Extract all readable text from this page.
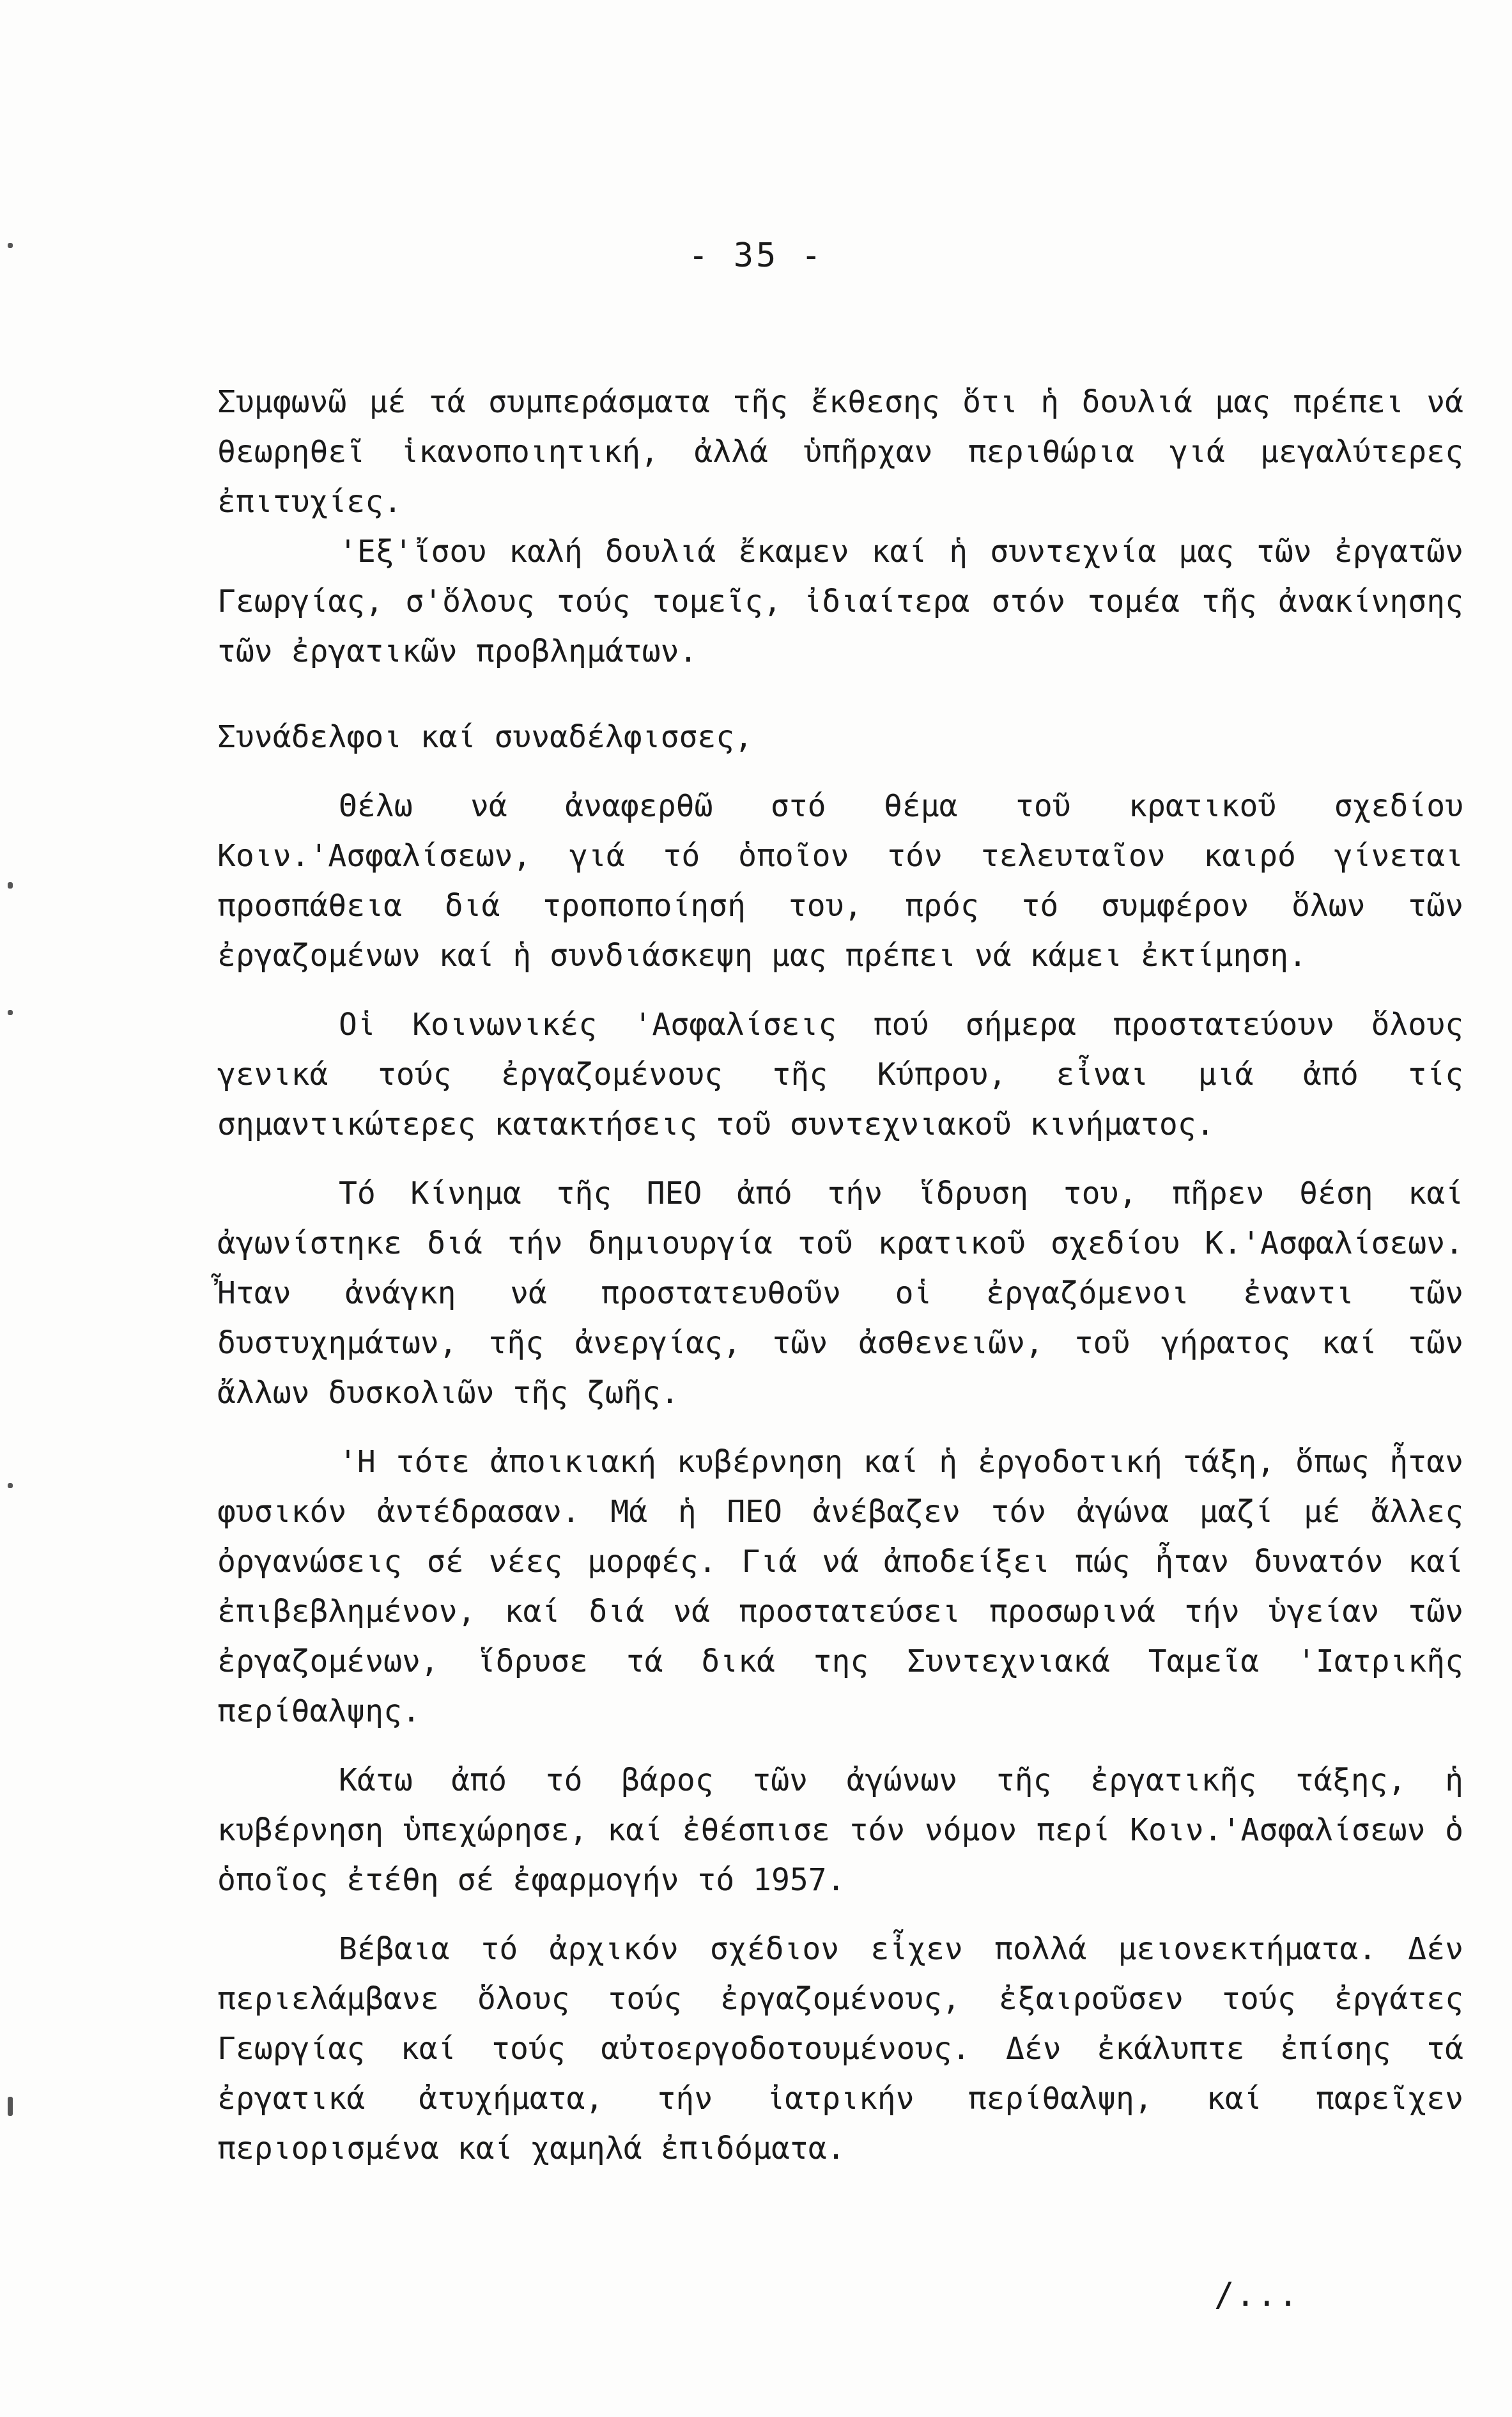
- 35 -

Συμφωνῶ μέ τά συμπεράσματα τῆς ἔκθεσης ὅτι ἡ δουλιά μας πρέπει νά θεωρηθεῖ ἱκανοποιητική, ἀλλά ὑπῆρχαν περιθώρια γιά μεγαλύτερες ἐπιτυχίες.

'Εξ'ἴσου καλή δουλιά ἔκαμεν καί ἡ συντεχνία μας τῶν ἐργατῶν Γεωργίας, σ'ὅλους τούς τομεῖς, ἰδιαίτερα στόν τομέα τῆς ἀνακίνησης τῶν ἐργατικῶν προβλημάτων.

Συνάδελφοι καί συναδέλφισσες,

Θέλω νά ἀναφερθῶ στό θέμα τοῦ κρατικοῦ σχεδίου Κοιν.'Ασφαλίσεων, γιά τό ὁποῖον τόν τελευταῖον καιρό γίνεται προσπάθεια διά τροποποίησή του, πρός τό συμφέρον ὅλων τῶν ἐργαζομένων καί ἡ συνδιάσκεψη μας πρέπει νά κάμει ἐκτίμηση.

Οἱ Κοινωνικές 'Ασφαλίσεις πού σήμερα προστατεύουν ὅλους γενικά τούς ἐργαζομένους τῆς Κύπρου, εἶναι μιά ἀπό τίς σημαντικώτερες κατακτήσεις τοῦ συντεχνιακοῦ κινήματος.

Τό Κίνημα τῆς ΠΕΟ ἀπό τήν ἵδρυση του, πῆρεν θέση καί ἀγωνίστηκε διά τήν δημιουργία τοῦ κρατικοῦ σχεδίου Κ.'Ασφαλίσεων. Ἦταν ἀνάγκη νά προστατευθοῦν οἱ ἐργαζόμενοι ἐναντι τῶν δυστυχημάτων, τῆς ἀνεργίας, τῶν ἀσθενειῶν, τοῦ γήρατος καί τῶν ἄλλων δυσκολιῶν τῆς ζωῆς.

'Η τότε ἀποικιακή κυβέρνηση καί ἡ ἐργοδοτική τάξη, ὅπως ἦταν φυσικόν ἀντέδρασαν. Μά ἡ ΠΕΟ ἀνέβαζεν τόν ἀγώνα μαζί μέ ἄλλες ὀργανώσεις σέ νέες μορφές. Γιά νά ἀποδείξει πώς ἦταν δυνατόν καί ἐπιβεβλημένον, καί διά νά προστατεύσει προσωρινά τήν ὑγείαν τῶν ἐργαζομένων, ἵδρυσε τά δικά της Συντεχνιακά Ταμεῖα 'Ιατρικῆς περίθαλψης.

Κάτω ἀπό τό βάρος τῶν ἀγώνων τῆς ἐργατικῆς τάξης, ἡ κυβέρνηση ὑπεχώρησε, καί ἐθέσπισε τόν νόμον περί Κοιν.'Ασφαλίσεων ὁ ὁποῖος ἐτέθη σέ ἐφαρμογήν τό 1957.

Βέβαια τό ἀρχικόν σχέδιον εἶχεν πολλά μειονεκτήματα. Δέν περιελάμβανε ὅλους τούς ἐργαζομένους, ἐξαιροῦσεν τούς ἐργάτες Γεωργίας καί τούς αὐτοεργοδοτουμένους. Δέν ἐκάλυπτε ἐπίσης τά ἐργατικά ἀτυχήματα, τήν ἰατρικήν περίθαλψη, καί παρεῖχεν περιορισμένα καί χαμηλά ἐπιδόματα.

/...
